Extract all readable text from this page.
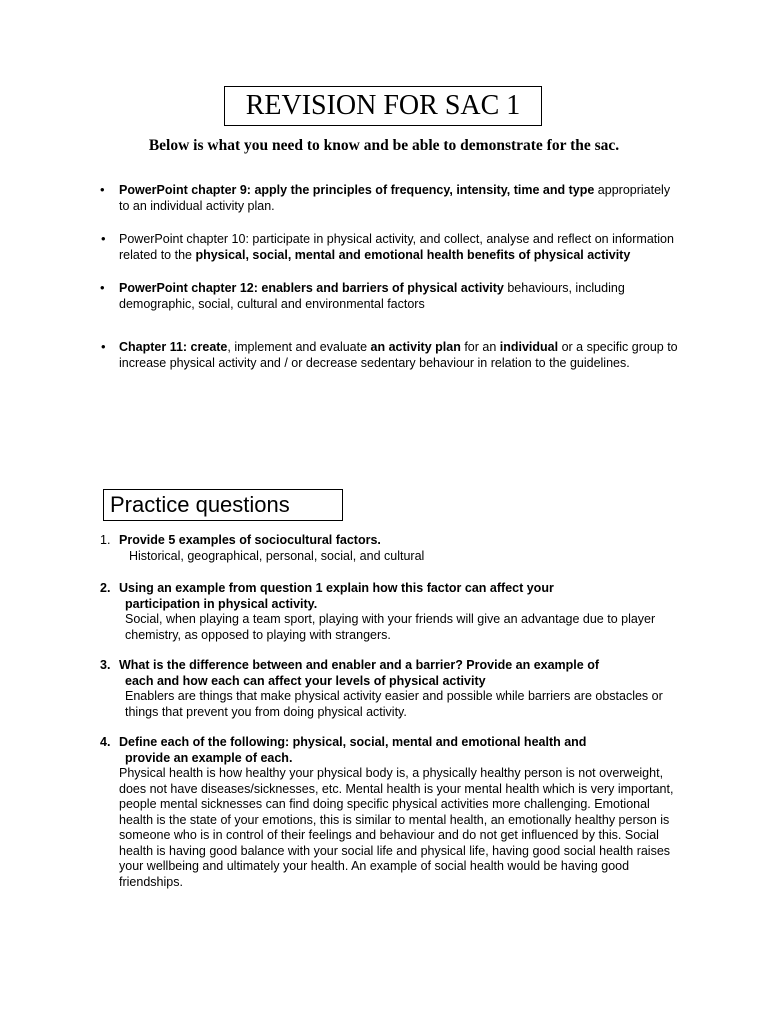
REVISION FOR SAC 1
Below is what you need to know and be able to demonstrate for the sac.
• PowerPoint chapter 9: apply the principles of frequency, intensity, time and type appropriately to an individual activity plan.
• PowerPoint chapter 10: participate in physical activity, and collect, analyse and reflect on information related to the physical, social, mental and emotional health benefits of physical activity
• PowerPoint chapter 12: enablers and barriers of physical activity behaviours, including demographic, social, cultural and environmental factors
• Chapter 11: create, implement and evaluate an activity plan for an individual or a specific group to increase physical activity and / or decrease sedentary behaviour in relation to the guidelines.
Practice questions
1. Provide 5 examples of sociocultural factors.
Historical, geographical, personal, social, and cultural
2. Using an example from question 1 explain how this factor can affect your
participation in physical activity.
Social, when playing a team sport, playing with your friends will give an advantage due to player chemistry, as opposed to playing with strangers.
3. What is the difference between and enabler and a barrier? Provide an example of
each and how each can affect your levels of physical activity
Enablers are things that make physical activity easier and possible while barriers are obstacles or things that prevent you from doing physical activity.
4. Define each of the following: physical, social, mental and emotional health and
provide an example of each.
Physical health is how healthy your physical body is, a physically healthy person is not overweight, does not have diseases/sicknesses, etc. Mental health is your mental health which is very important, people mental sicknesses can find doing specific physical activities more challenging. Emotional health is the state of your emotions, this is similar to mental health, an emotionally healthy person is someone who is in control of their feelings and behaviour and do not get influenced by this. Social health is having good balance with your social life and physical life, having good social health raises your wellbeing and ultimately your health. An example of social health would be having good friendships.
